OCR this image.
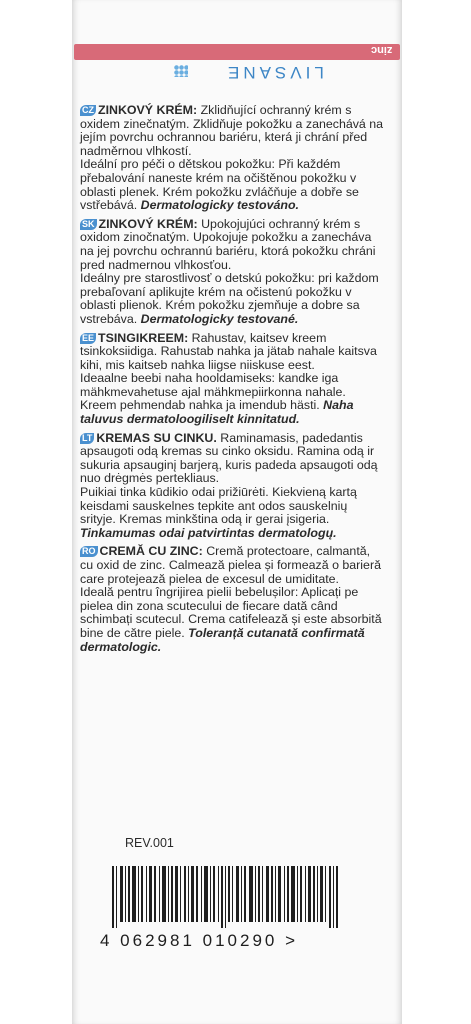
zinc
LIVSANE
CZ ZINKOVÝ KRÉM: Zklidňující ochranný krém s oxidem zinečnatým. Zklidňuje pokožku a zanechává na jejím povrchu ochrannou bariéru, která ji chrání před nadměrnou vlhkostí.
Ideální pro péči o dětskou pokožku: Při každém přebalování naneste krém na očištěnou pokožku v oblasti plenek. Krém pokožku zvláčňuje a dobře se vstřebává. Dermatologicky testováno.
SK ZINKOVÝ KRÉM: Upokojujúci ochranný krém s oxidom zinočnatým. Upokojuje pokožku a zanecháva na jej povrchu ochrannú bariéru, ktorá pokožku chráni pred nadmernou vlhkosťou.
Ideálny pre starostlivosť o detskú pokožku: pri každom prebaľovaní aplikujte krém na očistenú pokožku v oblasti plienok. Krém pokožku zjemňuje a dobre sa vstrebáva. Dermatologicky testované.
EE TSINGIKREEM: Rahustav, kaitsev kreem tsinkoksiidiga. Rahustab nahka ja jätab nahale kaitsva kihi, mis kaitseb nahka liigse niiskuse eest.
Ideaalne beebi naha hooldamiseks: kandke iga mähkmevahetuse ajal mähkmepiirkonna nahale. Kreem pehmendab nahka ja imendub hästi. Naha taluvus dermatoloogiliselt kinnitatud.
LT KREMAS SU CINKU. Raminamasis, padedantis apsaugoti odą kremas su cinko oksidu. Ramina odą ir sukuria apsauginį barjerą, kuris padeda apsaugoti odą nuo drėgmės pertekliaus.
Puikiai tinka kūdikio odai prižiūrėti. Kiekvieną kartą keisdami sauskelnes tepkite ant odos sauskelnių srityje. Kremas minkština odą ir gerai įsigeria. Tinkamumas odai patvirtintas dermatologų.
RO CREMĂ CU ZINC: Cremă protectoare, calmantă, cu oxid de zinc. Calmează pielea și formează o barieră care protejează pielea de excesul de umiditate.
Ideală pentru îngrijirea pielii bebelușilor: Aplicați pe pielea din zona scutecului de fiecare dată când schimbați scutecul. Crema catifelează și este absorbită bine de către piele. Toleranță cutanată confirmată dermatologic.
REV.001
4 062981 010290 >
